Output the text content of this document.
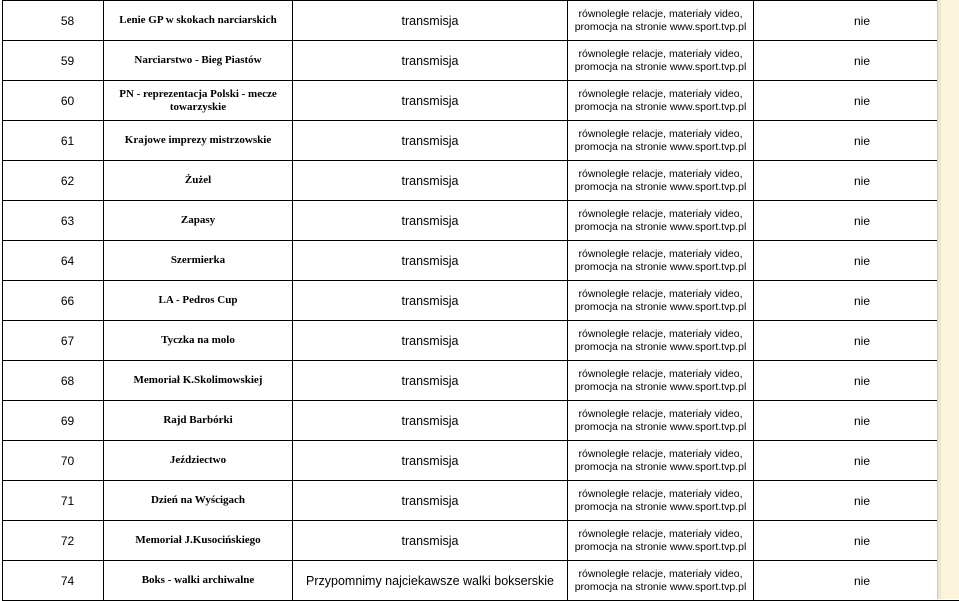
58	Lenie GP w skokach narciarskich	transmisja	równoległe relacje, materiały video,
promocja na stronie www.sport.tvp.pl	nie
59	Narciarstwo - Bieg Piastów	transmisja	równoległe relacje, materiały video,
promocja na stronie www.sport.tvp.pl	nie
60	PN - reprezentacja Polski - mecze towarzyskie	transmisja	równoległe relacje, materiały video,
promocja na stronie www.sport.tvp.pl	nie
61	Krajowe imprezy mistrzowskie	transmisja	równoległe relacje, materiały video,
promocja na stronie www.sport.tvp.pl	nie
62	Żużel	transmisja	równoległe relacje, materiały video,
promocja na stronie www.sport.tvp.pl	nie
63	Zapasy	transmisja	równoległe relacje, materiały video,
promocja na stronie www.sport.tvp.pl	nie
64	Szermierka	transmisja	równoległe relacje, materiały video,
promocja na stronie www.sport.tvp.pl	nie
66	LA - Pedros Cup	transmisja	równoległe relacje, materiały video,
promocja na stronie www.sport.tvp.pl	nie
67	Tyczka na molo	transmisja	równoległe relacje, materiały video,
promocja na stronie www.sport.tvp.pl	nie
68	Memoriał K.Skolimowskiej	transmisja	równoległe relacje, materiały video,
promocja na stronie www.sport.tvp.pl	nie
69	Rajd Barbórki	transmisja	równoległe relacje, materiały video,
promocja na stronie www.sport.tvp.pl	nie
70	Jeździectwo	transmisja	równoległe relacje, materiały video,
promocja na stronie www.sport.tvp.pl	nie
71	Dzień na Wyścigach	transmisja	równoległe relacje, materiały video,
promocja na stronie www.sport.tvp.pl	nie
72	Memoriał J.Kusocińskiego	transmisja	równoległe relacje, materiały video,
promocja na stronie www.sport.tvp.pl	nie
74	Boks - walki archiwalne	Przypomnimy najciekawsze walki bokserskie	równoległe relacje, materiały video,
promocja na stronie www.sport.tvp.pl	nie
